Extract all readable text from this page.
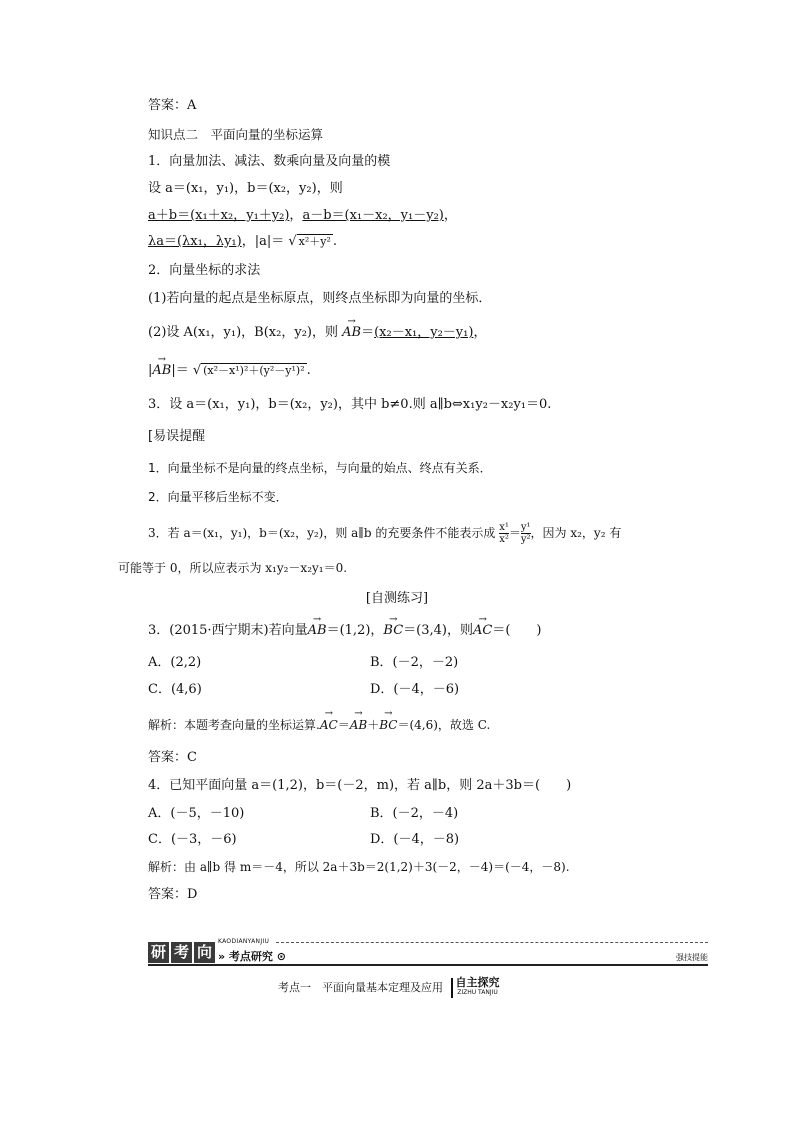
答案：A
知识点二　平面向量的坐标运算
1．向量加法、减法、数乘向量及向量的模
设 a＝(x₁，y₁)，b＝(x₂，y₂)，则
a＋b＝(x₁＋x₂，y₁＋y₂)，a－b＝(x₁－x₂，y₁－y₂)，
λa＝(λx₁，λy₁)，|a|＝ √ x²＋y² .
2．向量坐标的求法
(1)若向量的起点是坐标原点，则终点坐标即为向量的坐标．
(2)设 A(x₁，y₁)，B(x₂，y₂)，则 → AB＝(x₂－x₁，y₂－y₁)，
|→ AB|＝ √ (x²－x¹)²＋(y²－y¹)² .
3．设 a＝(x₁，y₁)，b＝(x₂，y₂)，其中 b≠0.则 a∥b⇔x₁y₂－x₂y₁＝0.
[易误提醒
1．向量坐标不是向量的终点坐标，与向量的始点、终点有关系．
2．向量平移后坐标不变．
3．若 a＝(x₁，y₁)，b＝(x₂，y₂)，则 a∥b 的充要条件不能表示成 $\frac{\text{x¹}}{\text{x²}} = \frac{\text{y¹}}{\text{y²}}$ ，因为 x₂，y₂ 有
可能等于 0，所以应表示为 x₁y₂－x₂y₁＝0.
[自测练习]
3．(2015·西宁期末)若向量→ AB＝(1,2)，→ BC＝(3,4)，则→ AC＝(　　)
A．(2,2)	B．(－2，－2)
C．(4,6)	D．(－4，－6)
解析：本题考查向量的坐标运算.→ AC＝→ AB＋→ BC＝(4,6)，故选 C.
答案：C
4．已知平面向量 a＝(1,2)，b＝(－2，m)，若 a∥b，则 2a＋3b＝(　　)
A．(－5，－10)	B．(－2，－4)
C．(－3，－6)	D．(－4，－8)
解析：由 a∥b 得 m＝－4，所以 2a＋3b＝2(1,2)＋3(－2，－4)＝(－4，－8).
答案：D
研 考 向
KAODIANYANJIU
» 考点研究 ⊙	强技提能
考点一　平面向量基本定理及应用 自主探究
ZIZHU TANJIU
